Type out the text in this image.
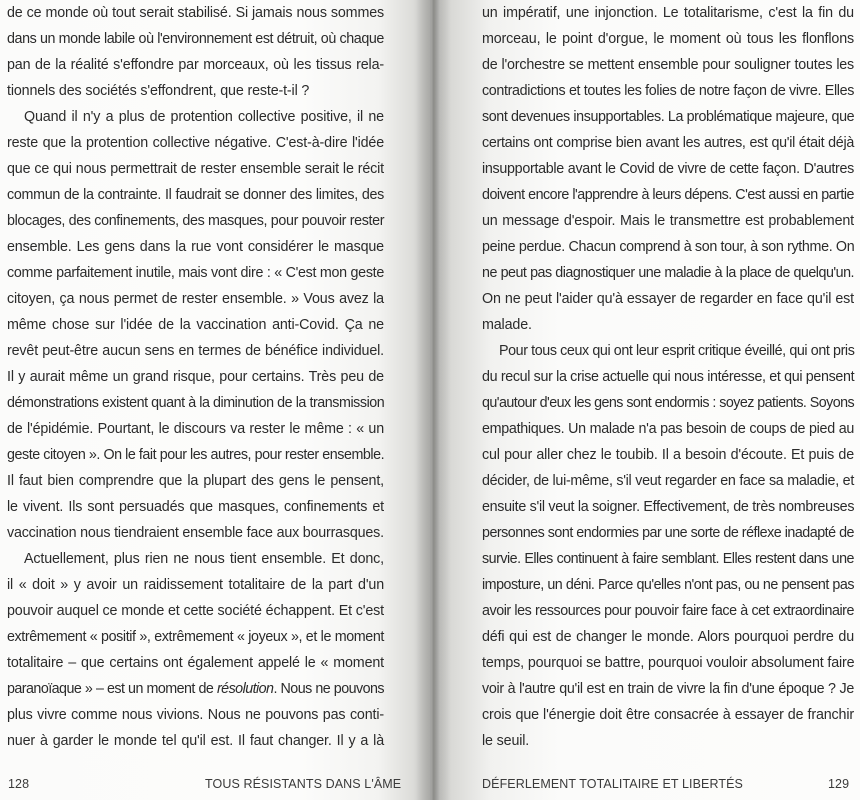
de ce monde où tout serait stabilisé. Si jamais nous sommes
dans un monde labile où l'environnement est détruit, où chaque
pan de la réalité s'effondre par morceaux, où les tissus rela-
tionnels des sociétés s'effondrent, que reste-t-il ?
Quand il n'y a plus de protention collective positive, il ne
reste que la protention collective négative. C'est-à-dire l'idée
que ce qui nous permettrait de rester ensemble serait le récit
commun de la contrainte. Il faudrait se donner des limites, des
blocages, des confinements, des masques, pour pouvoir rester
ensemble. Les gens dans la rue vont considérer le masque
comme parfaitement inutile, mais vont dire : « C'est mon geste
citoyen, ça nous permet de rester ensemble. » Vous avez la
même chose sur l'idée de la vaccination anti-Covid. Ça ne
revêt peut-être aucun sens en termes de bénéfice individuel.
Il y aurait même un grand risque, pour certains. Très peu de
démonstrations existent quant à la diminution de la transmission
de l'épidémie. Pourtant, le discours va rester le même : « un
geste citoyen ». On le fait pour les autres, pour rester ensemble.
Il faut bien comprendre que la plupart des gens le pensent,
le vivent. Ils sont persuadés que masques, confinements et
vaccination nous tiendraient ensemble face aux bourrasques.
Actuellement, plus rien ne nous tient ensemble. Et donc,
il « doit » y avoir un raidissement totalitaire de la part d'un
pouvoir auquel ce monde et cette société échappent. Et c'est
extrêmement « positif », extrêmement « joyeux », et le moment
totalitaire – que certains ont également appelé le « moment
paranoïaque » – est un moment de résolution. Nous ne pouvons
plus vivre comme nous vivions. Nous ne pouvons pas conti-
nuer à garder le monde tel qu'il est. Il faut changer. Il y a là
128	TOUS RÉSISTANTS DANS L'ÂME
un impératif, une injonction. Le totalitarisme, c'est la fin du
morceau, le point d'orgue, le moment où tous les flonflons
de l'orchestre se mettent ensemble pour souligner toutes les
contradictions et toutes les folies de notre façon de vivre. Elles
sont devenues insupportables. La problématique majeure, que
certains ont comprise bien avant les autres, est qu'il était déjà
insupportable avant le Covid de vivre de cette façon. D'autres
doivent encore l'apprendre à leurs dépens. C'est aussi en partie
un message d'espoir. Mais le transmettre est probablement
peine perdue. Chacun comprend à son tour, à son rythme. On
ne peut pas diagnostiquer une maladie à la place de quelqu'un.
On ne peut l'aider qu'à essayer de regarder en face qu'il est
malade.
Pour tous ceux qui ont leur esprit critique éveillé, qui ont pris
du recul sur la crise actuelle qui nous intéresse, et qui pensent
qu'autour d'eux les gens sont endormis : soyez patients. Soyons
empathiques. Un malade n'a pas besoin de coups de pied au
cul pour aller chez le toubib. Il a besoin d'écoute. Et puis de
décider, de lui-même, s'il veut regarder en face sa maladie, et
ensuite s'il veut la soigner. Effectivement, de très nombreuses
personnes sont endormies par une sorte de réflexe inadapté de
survie. Elles continuent à faire semblant. Elles restent dans une
imposture, un déni. Parce qu'elles n'ont pas, ou ne pensent pas
avoir les ressources pour pouvoir faire face à cet extraordinaire
défi qui est de changer le monde. Alors pourquoi perdre du
temps, pourquoi se battre, pourquoi vouloir absolument faire
voir à l'autre qu'il est en train de vivre la fin d'une époque ? Je
crois que l'énergie doit être consacrée à essayer de franchir
le seuil.
DÉFERLEMENT TOTALITAIRE ET LIBERTÉS	129
